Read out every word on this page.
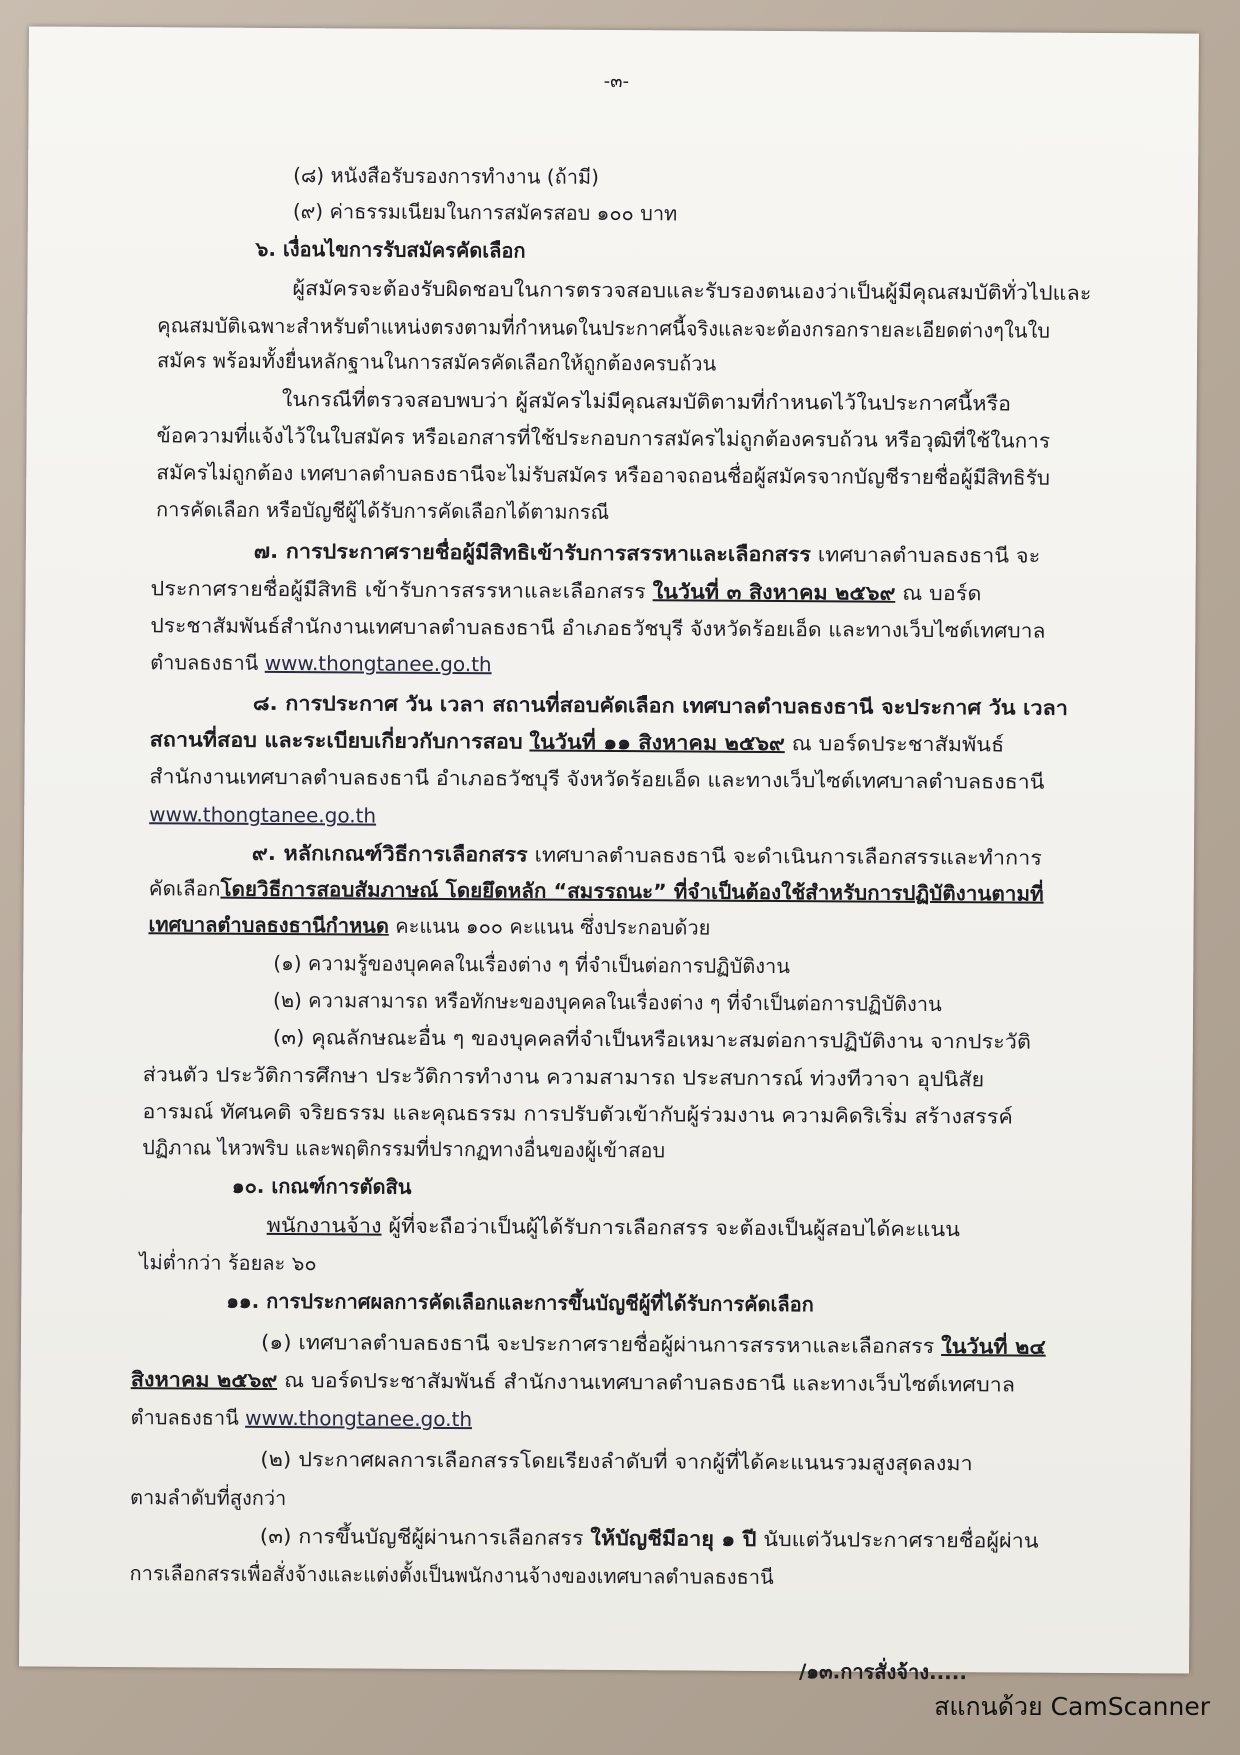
-๓-
(๘) หนังสือรับรองการทำงาน (ถ้ามี)
(๙) ค่าธรรมเนียมในการสมัครสอบ ๑๐๐ บาท
๖. เงื่อนไขการรับสมัครคัดเลือก
ผู้สมัครจะต้องรับผิดชอบในการตรวจสอบและรับรองตนเองว่าเป็นผู้มีคุณสมบัติทั่วไปและ
คุณสมบัติเฉพาะสำหรับตำแหน่งตรงตามที่กำหนดในประกาศนี้จริงและจะต้องกรอกรายละเอียดต่างๆในใบ
สมัคร พร้อมทั้งยื่นหลักฐานในการสมัครคัดเลือกให้ถูกต้องครบถ้วน
ในกรณีที่ตรวจสอบพบว่า ผู้สมัครไม่มีคุณสมบัติตามที่กำหนดไว้ในประกาศนี้หรือ
ข้อความที่แจ้งไว้ในใบสมัคร หรือเอกสารที่ใช้ประกอบการสมัครไม่ถูกต้องครบถ้วน หรือวุฒิที่ใช้ในการ
สมัครไม่ถูกต้อง เทศบาลตำบลธงธานีจะไม่รับสมัคร หรืออาจถอนชื่อผู้สมัครจากบัญชีรายชื่อผู้มีสิทธิรับ
การคัดเลือก หรือบัญชีผู้ได้รับการคัดเลือกได้ตามกรณี
๗. การประกาศรายชื่อผู้มีสิทธิเข้ารับการสรรหาและเลือกสรร เทศบาลตำบลธงธานี จะ
ประกาศรายชื่อผู้มีสิทธิ เข้ารับการสรรหาและเลือกสรร ในวันที่ ๓ สิงหาคม ๒๕๖๙ ณ บอร์ด
ประชาสัมพันธ์สำนักงานเทศบาลตำบลธงธานี อำเภอธวัชบุรี จังหวัดร้อยเอ็ด และทางเว็บไซต์เทศบาล
ตำบลธงธานี www.thongtanee.go.th
๘. การประกาศ วัน เวลา สถานที่สอบคัดเลือก เทศบาลตำบลธงธานี จะประกาศ วัน เวลา
สถานที่สอบ และระเบียบเกี่ยวกับการสอบ ในวันที่ ๑๑ สิงหาคม ๒๕๖๙ ณ บอร์ดประชาสัมพันธ์
สำนักงานเทศบาลตำบลธงธานี อำเภอธวัชบุรี จังหวัดร้อยเอ็ด และทางเว็บไซต์เทศบาลตำบลธงธานี
www.thongtanee.go.th
๙. หลักเกณฑ์วิธีการเลือกสรร เทศบาลตำบลธงธานี จะดำเนินการเลือกสรรและทำการ
คัดเลือกโดยวิธีการสอบสัมภาษณ์ โดยยึดหลัก “สมรรถนะ” ที่จำเป็นต้องใช้สำหรับการปฏิบัติงานตามที่
เทศบาลตำบลธงธานีกำหนด คะแนน ๑๐๐ คะแนน ซึ่งประกอบด้วย
(๑) ความรู้ของบุคคลในเรื่องต่าง ๆ ที่จำเป็นต่อการปฏิบัติงาน
(๒) ความสามารถ หรือทักษะของบุคคลในเรื่องต่าง ๆ ที่จำเป็นต่อการปฏิบัติงาน
(๓) คุณลักษณะอื่น ๆ ของบุคคลที่จำเป็นหรือเหมาะสมต่อการปฏิบัติงาน จากประวัติ
ส่วนตัว ประวัติการศึกษา ประวัติการทำงาน ความสามารถ ประสบการณ์ ท่วงทีวาจา อุปนิสัย
อารมณ์ ทัศนคติ จริยธรรม และคุณธรรม การปรับตัวเข้ากับผู้ร่วมงาน ความคิดริเริ่ม สร้างสรรค์
ปฏิภาณ ไหวพริบ และพฤติกรรมที่ปรากฏทางอื่นของผู้เข้าสอบ
๑๐. เกณฑ์การตัดสิน
พนักงานจ้าง ผู้ที่จะถือว่าเป็นผู้ได้รับการเลือกสรร จะต้องเป็นผู้สอบได้คะแนน
ไม่ต่ำกว่า ร้อยละ ๖๐
๑๑. การประกาศผลการคัดเลือกและการขึ้นบัญชีผู้ที่ได้รับการคัดเลือก
(๑) เทศบาลตำบลธงธานี จะประกาศรายชื่อผู้ผ่านการสรรหาและเลือกสรร ในวันที่ ๒๔
สิงหาคม ๒๕๖๙ ณ บอร์ดประชาสัมพันธ์ สำนักงานเทศบาลตำบลธงธานี และทางเว็บไซต์เทศบาล
ตำบลธงธานี www.thongtanee.go.th
(๒) ประกาศผลการเลือกสรรโดยเรียงลำดับที่ จากผู้ที่ได้คะแนนรวมสูงสุดลงมา
ตามลำดับที่สูงกว่า
(๓) การขึ้นบัญชีผู้ผ่านการเลือกสรร ให้บัญชีมีอายุ ๑ ปี นับแต่วันประกาศรายชื่อผู้ผ่าน
การเลือกสรรเพื่อสั่งจ้างและแต่งตั้งเป็นพนักงานจ้างของเทศบาลตำบลธงธานี
/๑๓.การสั่งจ้าง.....
สแกนด้วย CamScanner
